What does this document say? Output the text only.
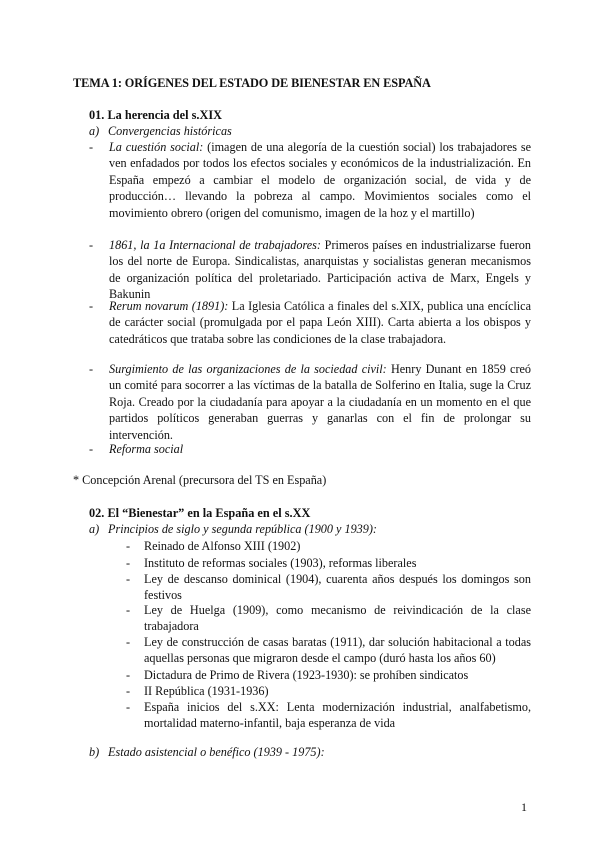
TEMA 1: ORÍGENES DEL ESTADO DE BIENESTAR EN ESPAÑA
01. La herencia del s.XIX
a) Convergencias históricas
- La cuestión social: (imagen de una alegoría de la cuestión social) los trabajadores se ven enfadados por todos los efectos sociales y económicos de la industrialización. En España empezó a cambiar el modelo de organización social, de vida y de producción… llevando la pobreza al campo. Movimientos sociales como el movimiento obrero (origen del comunismo, imagen de la hoz y el martillo)
- 1861, la 1a Internacional de trabajadores: Primeros países en industrializarse fueron los del norte de Europa. Sindicalistas, anarquistas y socialistas generan mecanismos de organización política del proletariado. Participación activa de Marx, Engels y Bakunin
- Rerum novarum (1891): La Iglesia Católica a finales del s.XIX, publica una encíclica de carácter social (promulgada por el papa León XIII). Carta abierta a los obispos y catedráticos que trataba sobre las condiciones de la clase trabajadora.
- Surgimiento de las organizaciones de la sociedad civil: Henry Dunant en 1859 creó un comité para socorrer a las víctimas de la batalla de Solferino en Italia, suge la Cruz Roja. Creado por la ciudadanía para apoyar a la ciudadanía en un momento en el que partidos políticos generaban guerras y ganarlas con el fin de prolongar su intervención.
- Reforma social
* Concepción Arenal (precursora del TS en España)
02. El “Bienestar” en la España en el s.XX
a) Principios de siglo y segunda república (1900 y 1939):
- Reinado de Alfonso XIII (1902)
- Instituto de reformas sociales (1903), reformas liberales
- Ley de descanso dominical (1904), cuarenta años después los domingos son festivos
- Ley de Huelga (1909), como mecanismo de reivindicación de la clase trabajadora
- Ley de construcción de casas baratas (1911), dar solución habitacional a todas aquellas personas que migraron desde el campo (duró hasta los años 60)
- Dictadura de Primo de Rivera (1923-1930): se prohíben sindicatos
- II República (1931-1936)
- España inicios del s.XX: Lenta modernización industrial, analfabetismo, mortalidad materno-infantil, baja esperanza de vida
b) Estado asistencial o benéfico (1939 - 1975):
1
